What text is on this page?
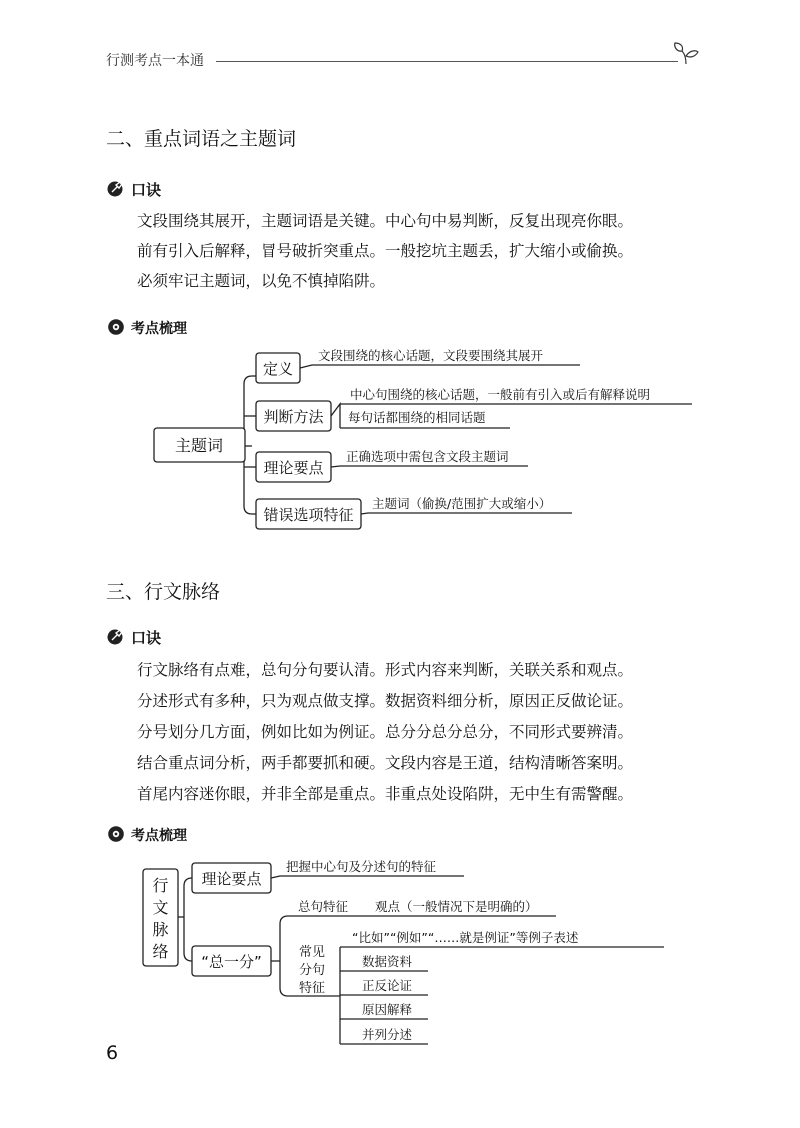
行测考点一本通
二、重点词语之主题词
口诀
文段围绕其展开，主题词语是关键。中心句中易判断，反复出现亮你眼。
前有引入后解释，冒号破折突重点。一般挖坑主题丢，扩大缩小或偷换。
必须牢记主题词，以免不慎掉陷阱。
考点梳理
三、行文脉络
口诀
行文脉络有点难，总句分句要认清。形式内容来判断，关联关系和观点。
分述形式有多种，只为观点做支撑。数据资料细分析，原因正反做论证。
分号划分几方面，例如比如为例证。总分分总分总分，不同形式要辨清。
结合重点词分析，两手都要抓和硬。文段内容是王道，结构清晰答案明。
首尾内容迷你眼，并非全部是重点。非重点处设陷阱，无中生有需警醒。
考点梳理
主题词
定义
文段围绕的核心话题，文段要围绕其展开
判断方法
中心句围绕的核心话题，一般前有引入或后有解释说明
每句话都围绕的相同话题
理论要点
正确选项中需包含文段主题词
错误选项特征
主题词（偷换/范围扩大或缩小）
行
文
脉
络
理论要点
把握中心句及分述句的特征
“总一分”
总句特征 观点（一般情况下是明确的）
常见
分句
特征
“比如”“例如”“……就是例证”等例子表述
数据资料
正反论证
原因解释
并列分述
6
